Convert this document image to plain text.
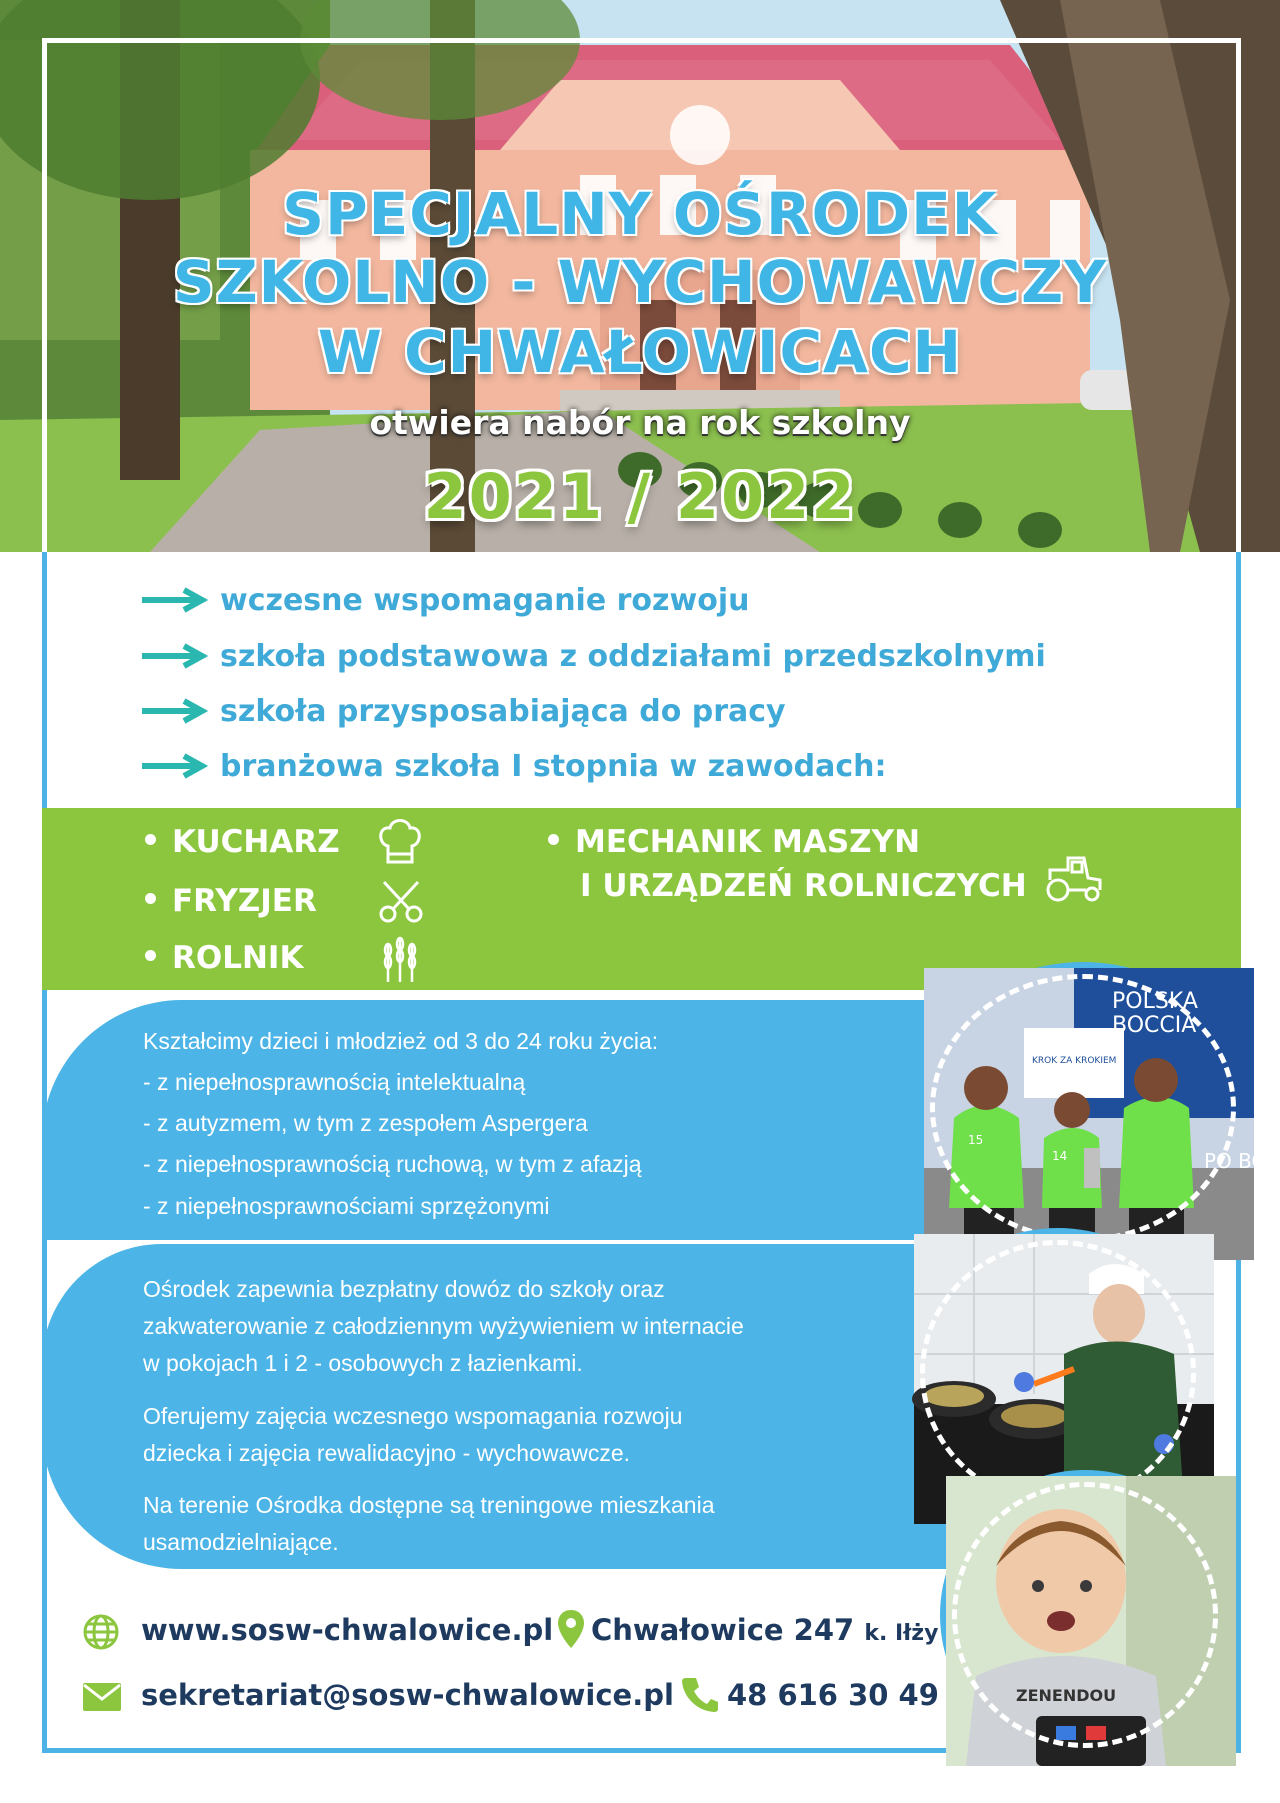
SPECJALNY OŚRODEK
SZKOLNO - WYCHOWAWCZY
W CHWAŁOWICACH
otwiera nabór na rok szkolny
2021 / 2022
wczesne wspomaganie rozwoju
szkoła podstawowa z oddziałami przedszkolnymi
szkoła przysposabiająca do pracy
branżowa szkoła I stopnia w zawodach:
KUCHARZ
FRYZJER
ROLNIK
MECHANIK MASZYN
I URZĄDZEŃ ROLNICZYCH
Kształcimy dzieci i młodzież od 3 do 24 roku życia:
- z niepełnosprawnością intelektualną
- z autyzmem, w tym z zespołem Aspergera
- z niepełnosprawnością ruchową, w tym z afazją
- z niepełnosprawnościami sprzężonymi
Ośrodek zapewnia bezpłatny dowóz do szkoły oraz
zakwaterowanie z całodziennym wyżywieniem w internacie
w pokojach 1 i 2 - osobowych z łazienkami.
Oferujemy zajęcia wczesnego wspomagania rozwoju
dziecka i zajęcia rewalidacyjno - wychowawcze.
Na terenie Ośrodka dostępne są treningowe mieszkania
usamodzielniające.
POLSKA
BOCCIA
KROK ZA KROKIEM
15
14	PO BO
ZENENDOU
www.sosw-chwalowice.pl Chwałowice 247 k. Iłży
sekretariat@sosw-chwalowice.pl 48 616 30 49
